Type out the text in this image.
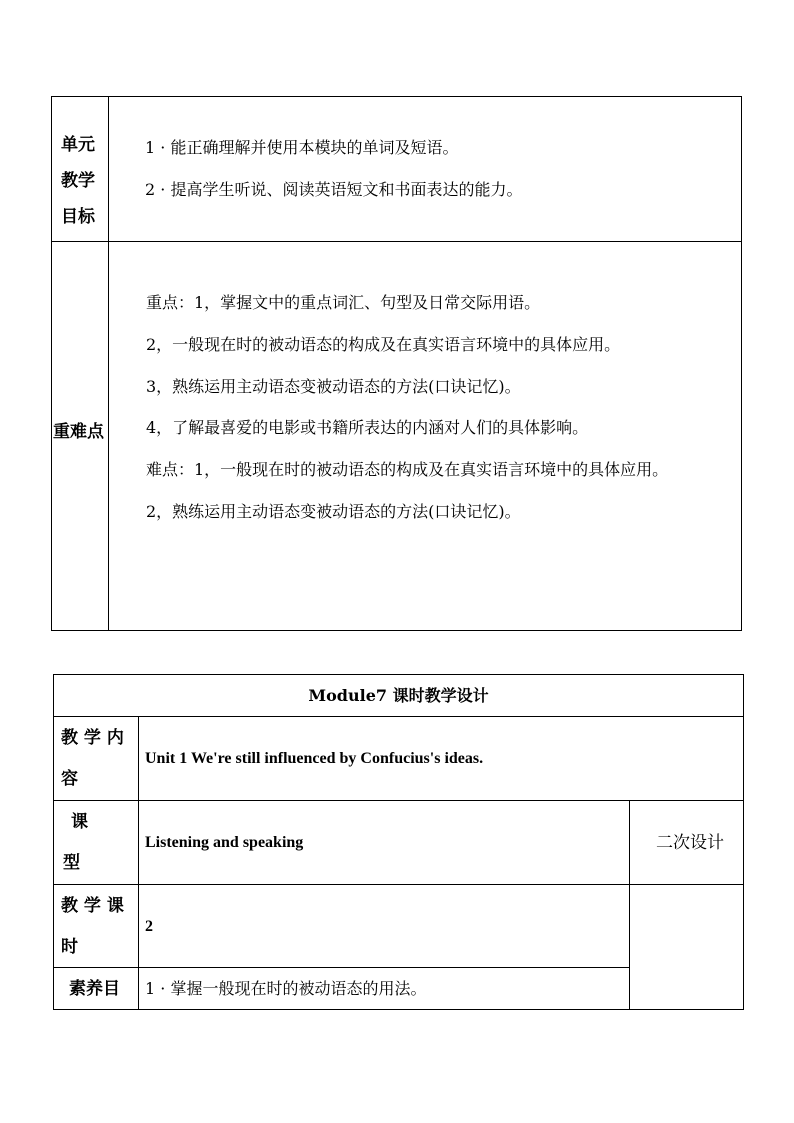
单元
教学
目标
1 · 能正确理解并使用本模块的单词及短语。
2 · 提高学生听说、阅读英语短文和书面表达的能力。
重难点
重点：1，掌握文中的重点词汇、句型及日常交际用语。
2，一般现在时的被动语态的构成及在真实语言环境中的具体应用。
3，熟练运用主动语态变被动语态的方法(口诀记忆)。
4，了解最喜爱的电影或书籍所表达的内涵对人们的具体影响。
难点：1，一般现在时的被动语态的构成及在真实语言环境中的具体应用。
2，熟练运用主动语态变被动语态的方法(口诀记忆)。
Module7 课时教学设计
教 学 内
容
Unit 1 We're still influenced by Confucius's ideas.
课
型
Listening and speaking	二次设计
教 学 课
时
2
素养目 1 · 掌握一般现在时的被动语态的用法。
